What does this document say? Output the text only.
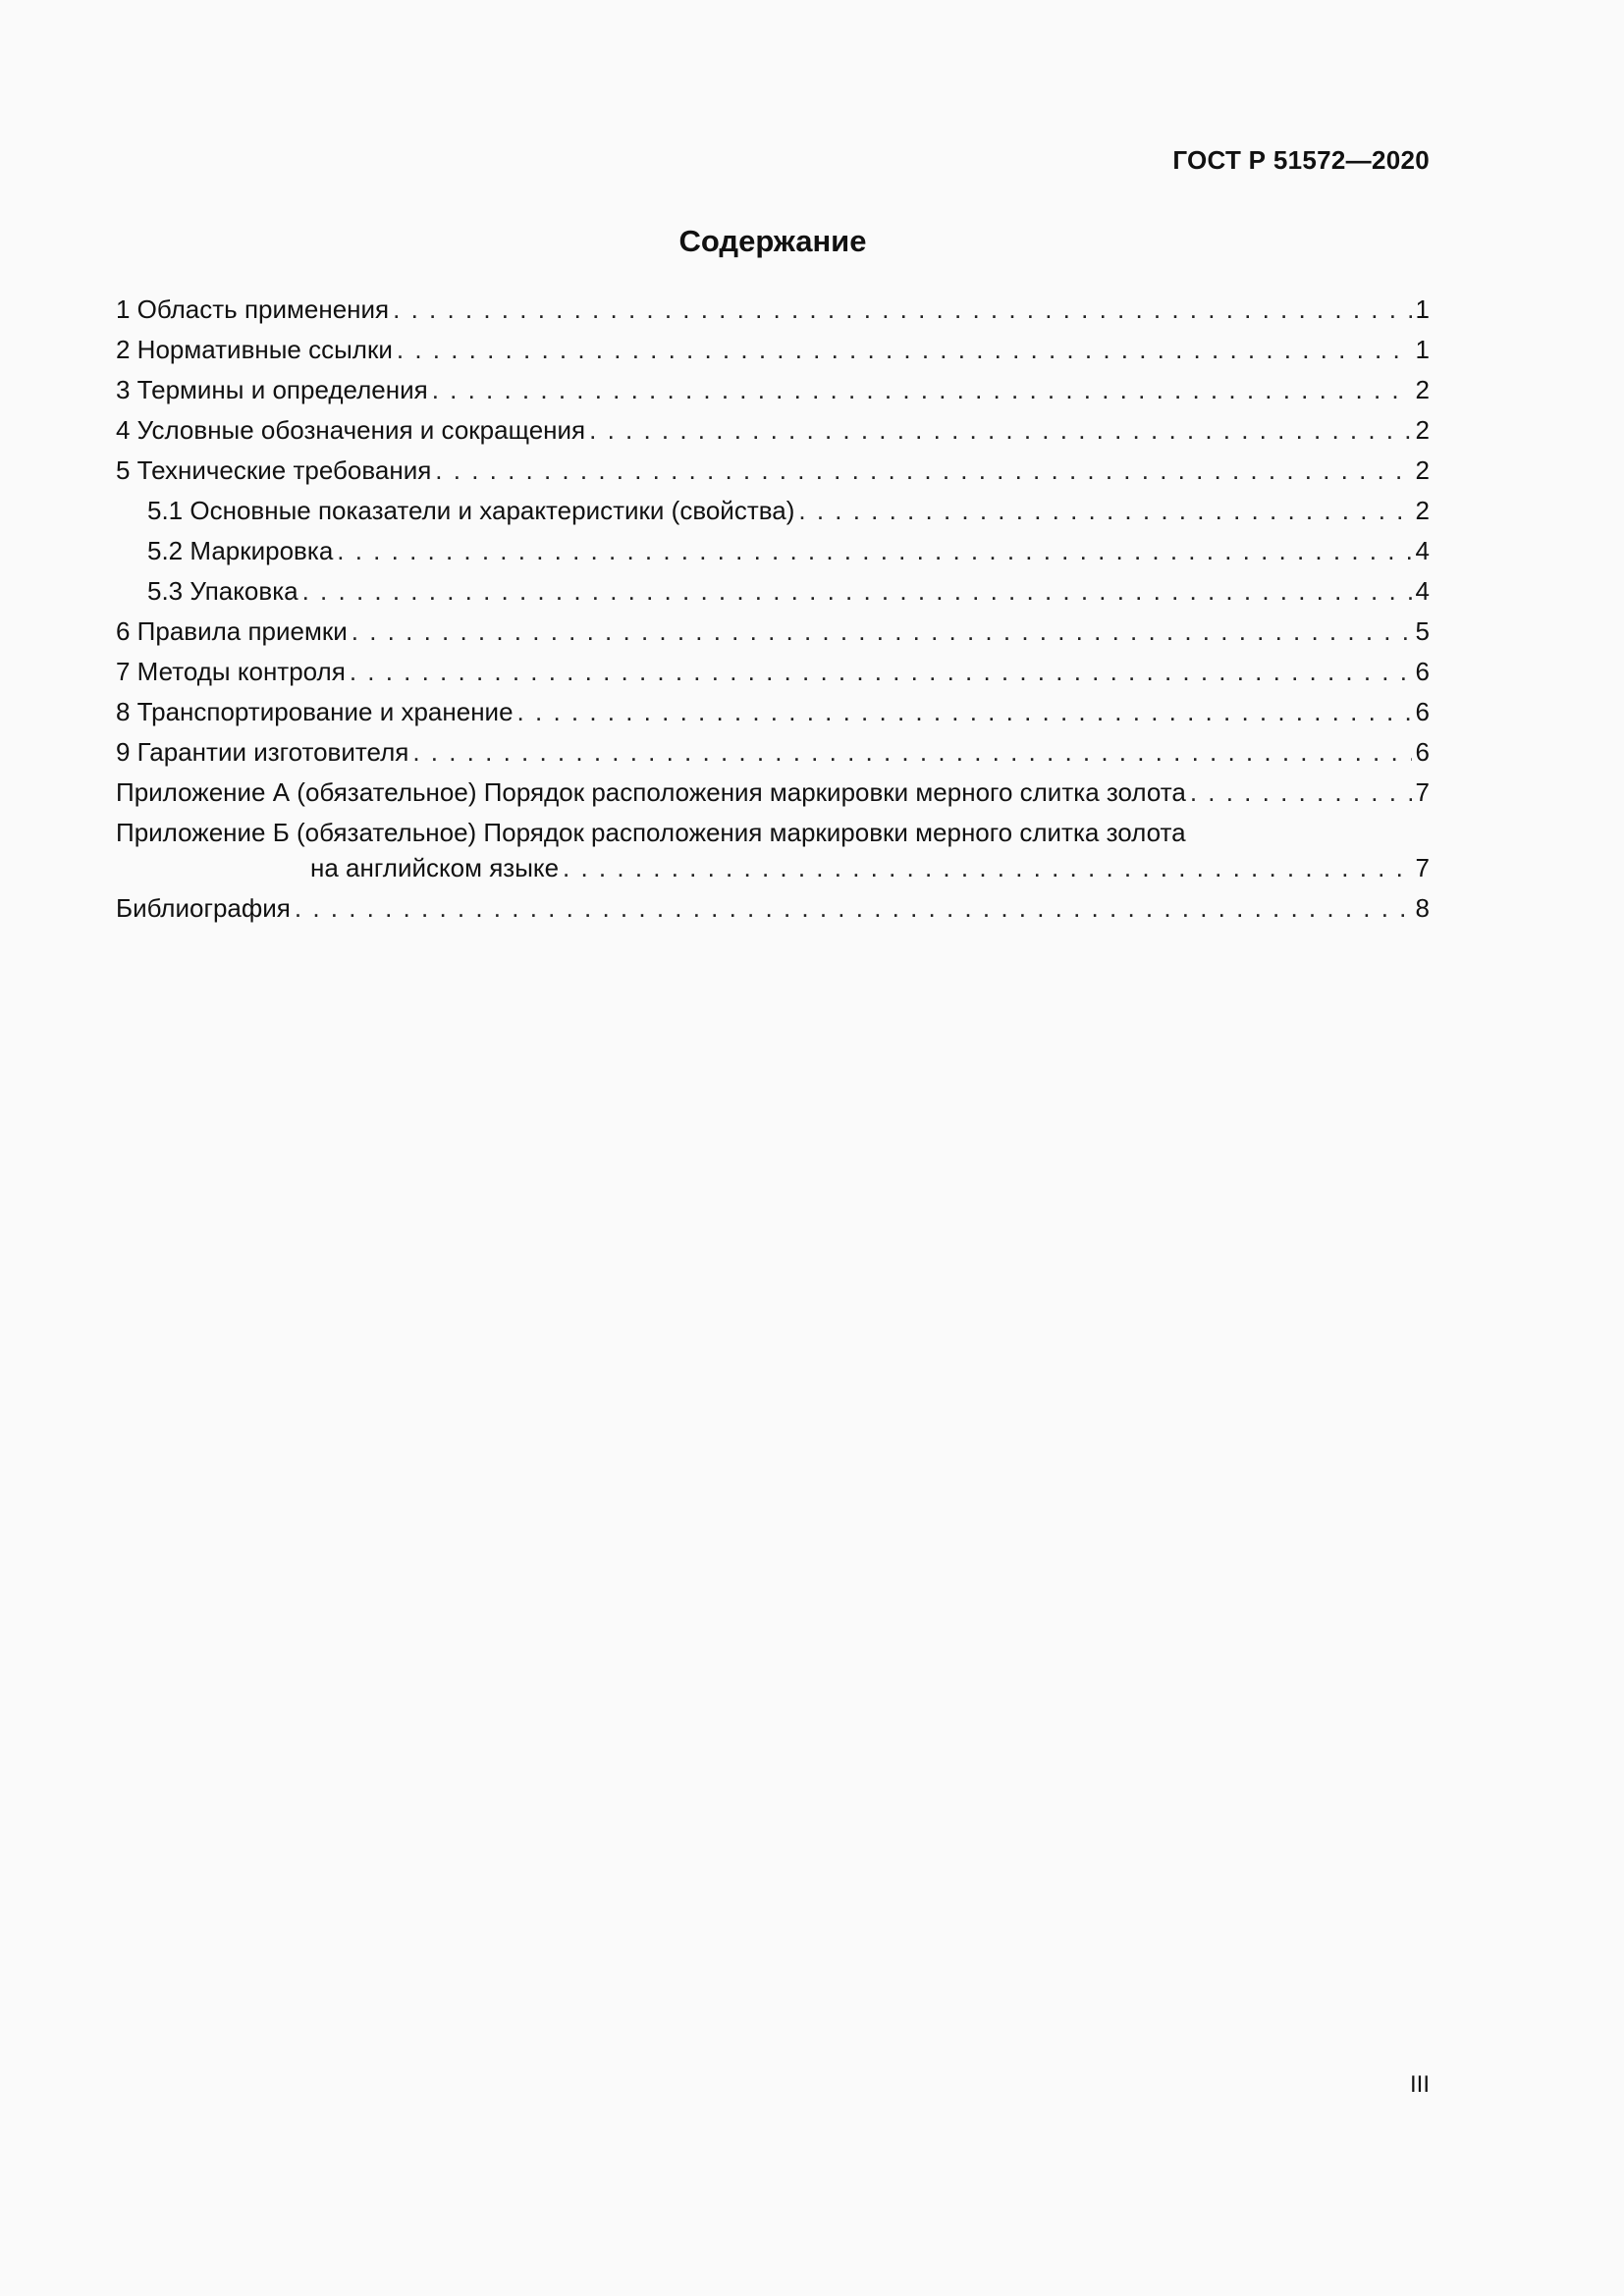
ГОСТ Р 51572—2020
Содержание
1 Область применения . . .	1
2 Нормативные ссылки . . .	1
3 Термины и определения . . .	2
4 Условные обозначения и сокращения . . .	2
5 Технические требования . . .	2
5.1 Основные показатели и характеристики (свойства) . . .	2
5.2 Маркировка . . .	4
5.3 Упаковка . . .	4
6 Правила приемки . . .	5
7 Методы контроля . . .	6
8 Транспортирование и хранение . . .	6
9 Гарантии изготовителя . . .	6
Приложение А (обязательное) Порядок расположения маркировки мерного слитка золота . . .	7
Приложение Б (обязательное) Порядок расположения маркировки мерного слитка золота
на английском языке . . .	7
Библиография . . .	8
III
